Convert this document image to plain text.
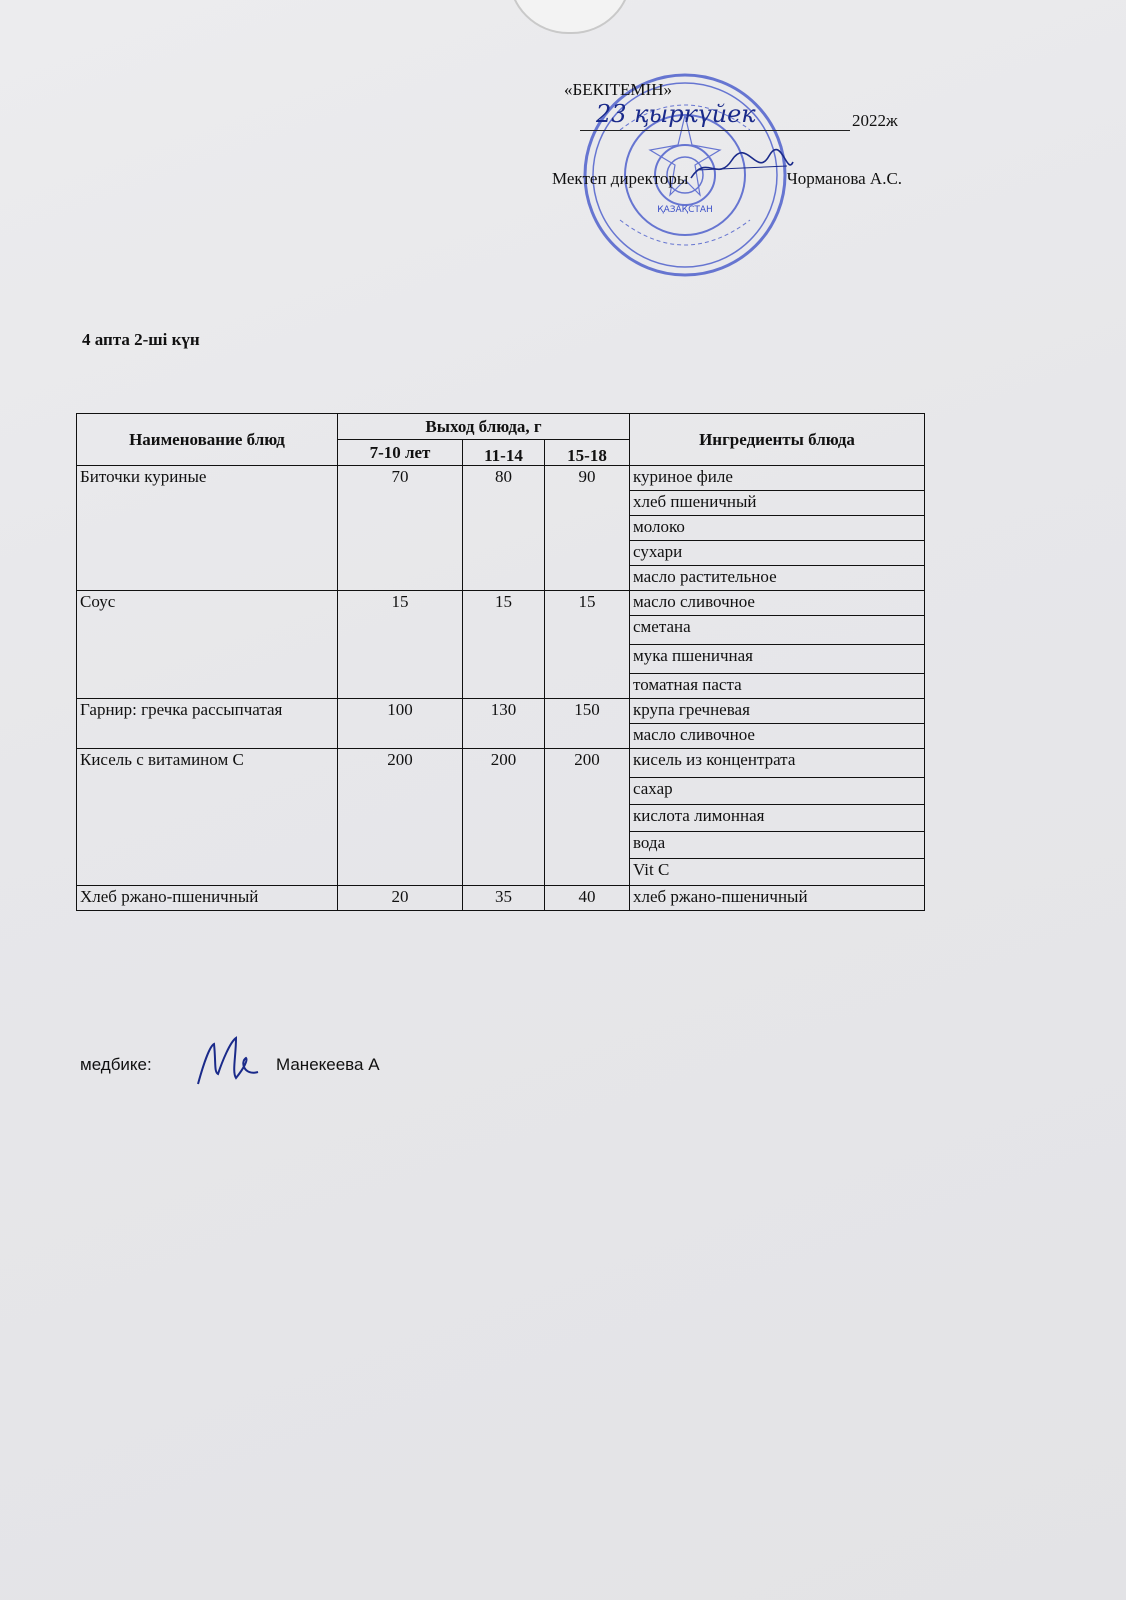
ҚАЗАҚСТАН
«БЕКІТЕМІН»
23 қыркүйек	2022ж
Мектеп директоры	Чорманова А.С.
4 апта 2-ші күн
Наименование блюд	Выход блюда, г			Ингредиенты блюда
	7-10 лет	11-14	15-18	

Биточки куриные	70	80	90	куриное филе
				хлеб пшеничный
				молоко
				сухари
				масло растительное
Соус	15	15	15	масло сливочное
				сметана
				мука пшеничная
				томатная паста
Гарнир: гречка рассыпчатая	100	130	150	крупа гречневая
				масло сливочное
Кисель с витамином С	200	200	200	кисель из концентрата
				сахар
				кислота лимонная
				вода
				Vit C
Хлеб ржано-пшеничный	20	35	40	хлеб ржано-пшеничный
медбике:	Манекеева А
